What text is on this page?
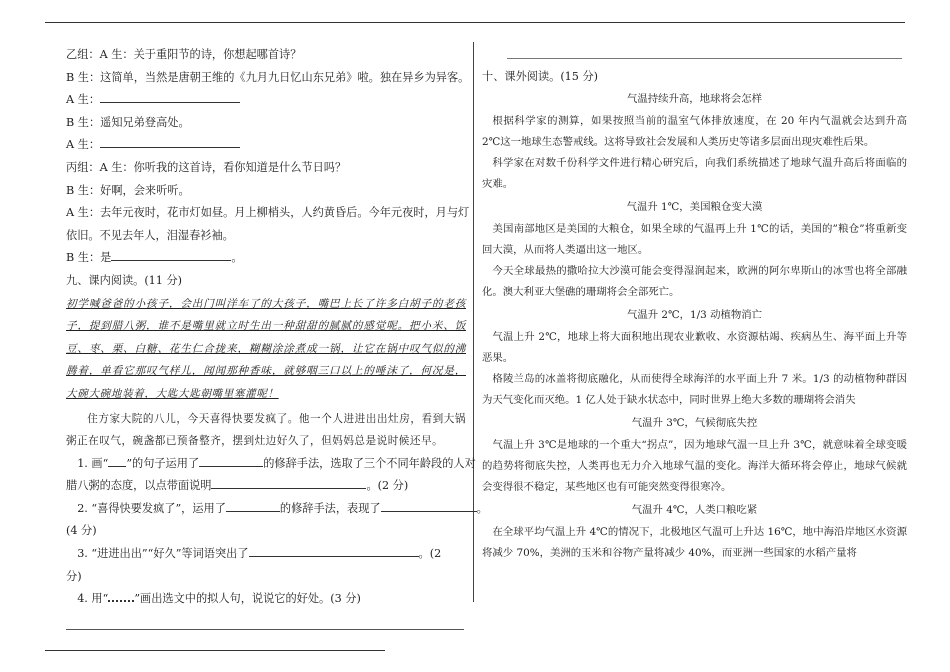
乙组：A 生：关于重阳节的诗，你想起哪首诗？
B 生：这简单，当然是唐朝王维的《九月九日忆山东兄弟》啦。独在异乡为异客。
A 生：
B 生：遥知兄弟登高处。
A 生：
丙组：A 生：你听我的这首诗，看你知道是什么节日吗？
B 生：好啊，会来听听。
A 生：去年元夜时，花市灯如昼。月上柳梢头，人约黄昏后。今年元夜时，月与灯
依旧。不见去年人，泪湿春衫袖。
B 生：是	。
九、课内阅读。(11 分)
初学喊爸爸的小孩子，会出门叫洋车了的大孩子，嘴巴上长了许多白胡子的老孩子，提到腊八粥，谁不是嘴里就立时生出一种甜甜的腻腻的感觉呢。把小米、饭豆、枣、栗、白糖、花生仁合拢来，糊糊涂涂煮成一锅，让它在锅中叹气似的沸腾着，单看它那叹气样儿，闻闻那种香味，就够咽三口以上的唾沫了，何况是，大碗大碗地装着，大匙大匙朝嘴里塞灌呢！
住方家大院的八儿，今天喜得快要发疯了。他一个人进进出出灶房，看到大锅粥正在叹气，碗盏都已预备整齐，摆到灶边好久了，但妈妈总是说时候还早。
1. 画“ ”的句子运用了	的修辞手法，选取了三个不同年龄段的人对
腊八粥的态度，以点带面说明	。(2 分)
2. “喜得快要发疯了”，运用了	的修辞手法，表现了	。
(4 分)
3. “进进出出”“好久”等词语突出了	。(2
分)
4. 用“ ”画出选文中的拟人句，说说它的好处。(3 分)
十、课外阅读。(15 分)
气温持续升高，地球将会怎样
根据科学家的测算，如果按照当前的温室气体排放速度，在 20 年内气温就会达到升高 2℃这一地球生态警戒线。这将导致社会发展和人类历史等诸多层面出现灾难性后果。
科学家在对数千份科学文件进行精心研究后，向我们系统描述了地球气温升高后将面临的灾难。
气温升 1℃，美国粮仓变大漠
美国南部地区是美国的大粮仓，如果全球的气温再上升 1℃的话，美国的”粮仓”将重新变回大漠，从而将人类逼出这一地区。
今天全球最热的撒哈拉大沙漠可能会变得湿润起来，欧洲的阿尔卑斯山的冰雪也将全部融化。澳大利亚大堡礁的珊瑚将会全部死亡。
气温升 2℃，1/3 动植物消亡
气温上升 2℃，地球上将大面积地出现农业歉收、水资源枯竭、疾病丛生、海平面上升等恶果。
格陵兰岛的冰盖将彻底融化，从而使得全球海洋的水平面上升 7 米。1/3 的动植物种群因为天气变化而灭绝。1 亿人处于缺水状态中，同时世界上绝大多数的珊瑚将会消失
气温升 3℃，气候彻底失控
气温上升 3℃是地球的一个重大“拐点”，因为地球气温一旦上升 3℃，就意味着全球变暖的趋势将彻底失控，人类再也无力介入地球气温的变化。海洋大循环将会停止，地球气候就会变得很不稳定，某些地区也有可能突然变得很寒冷。
气温升 4℃，人类口粮吃紧
在全球平均气温上升 4℃的情况下，北极地区气温可上升达 16℃，地中海沿岸地区水资源将减少 70%，美洲的玉米和谷物产量将减少 40%，而亚洲一些国家的水稻产量将
